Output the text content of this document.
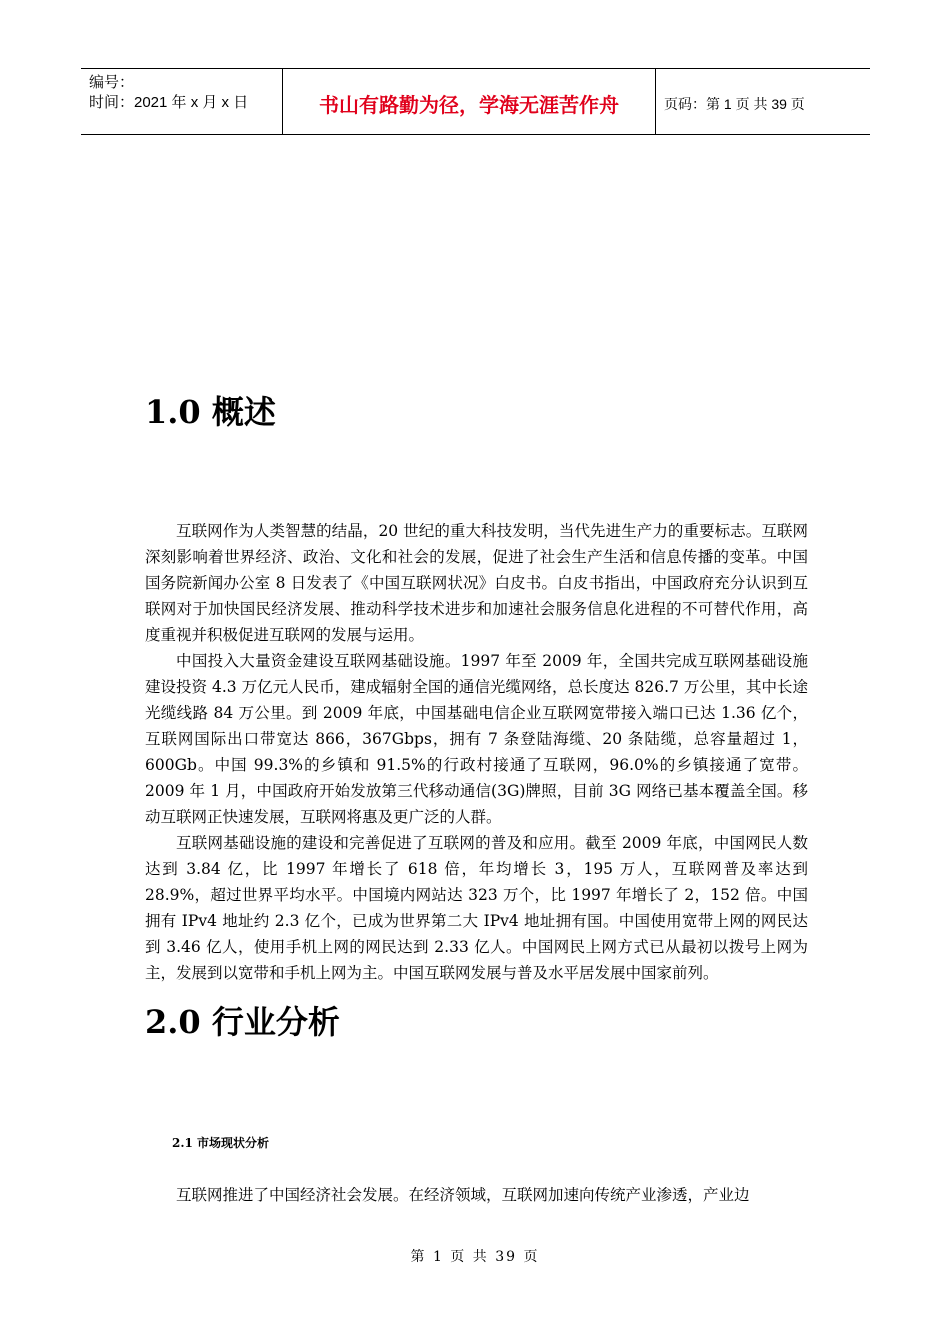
编号：
时间：2021 年 x 月 x 日	书山有路勤为径，学海无涯苦作舟	页码：第 1 页 共 39 页
1.0 概述

互联网作为人类智慧的结晶，20 世纪的重大科技发明，当代先进生产力的重要标志。互联网深刻影响着世界经济、政治、文化和社会的发展，促进了社会生产生活和信息传播的变革。中国国务院新闻办公室 8 日发表了《中国互联网状况》白皮书。白皮书指出，中国政府充分认识到互联网对于加快国民经济发展、推动科学技术进步和加速社会服务信息化进程的不可替代作用，高度重视并积极促进互联网的发展与运用。

中国投入大量资金建设互联网基础设施。1997 年至 2009 年，全国共完成互联网基础设施建设投资 4.3 万亿元人民币，建成辐射全国的通信光缆网络，总长度达 826.7 万公里，其中长途光缆线路 84 万公里。到 2009 年底，中国基础电信企业互联网宽带接入端口已达 1.36 亿个，互联网国际出口带宽达 866，367Gbps，拥有 7 条登陆海缆、20 条陆缆，总容量超过 1，600Gb。中国 99.3%的乡镇和 91.5%的行政村接通了互联网，96.0%的乡镇接通了宽带。2009 年 1 月，中国政府开始发放第三代移动通信(3G)牌照，目前 3G 网络已基本覆盖全国。移动互联网正快速发展，互联网将惠及更广泛的人群。

互联网基础设施的建设和完善促进了互联网的普及和应用。截至 2009 年底，中国网民人数达到 3.84 亿，比 1997 年增长了 618 倍，年均增长 3，195 万人，互联网普及率达到 28.9%，超过世界平均水平。中国境内网站达 323 万个，比 1997 年增长了 2，152 倍。中国拥有 IPv4 地址约 2.3 亿个，已成为世界第二大 IPv4 地址拥有国。中国使用宽带上网的网民达到 3.46 亿人，使用手机上网的网民达到 2.33 亿人。中国网民上网方式已从最初以拨号上网为主，发展到以宽带和手机上网为主。中国互联网发展与普及水平居发展中国家前列。

2.0 行业分析
2.1 市场现状分析

互联网推进了中国经济社会发展。在经济领域，互联网加速向传统产业渗透，产业边

第 1 页 共 39 页
